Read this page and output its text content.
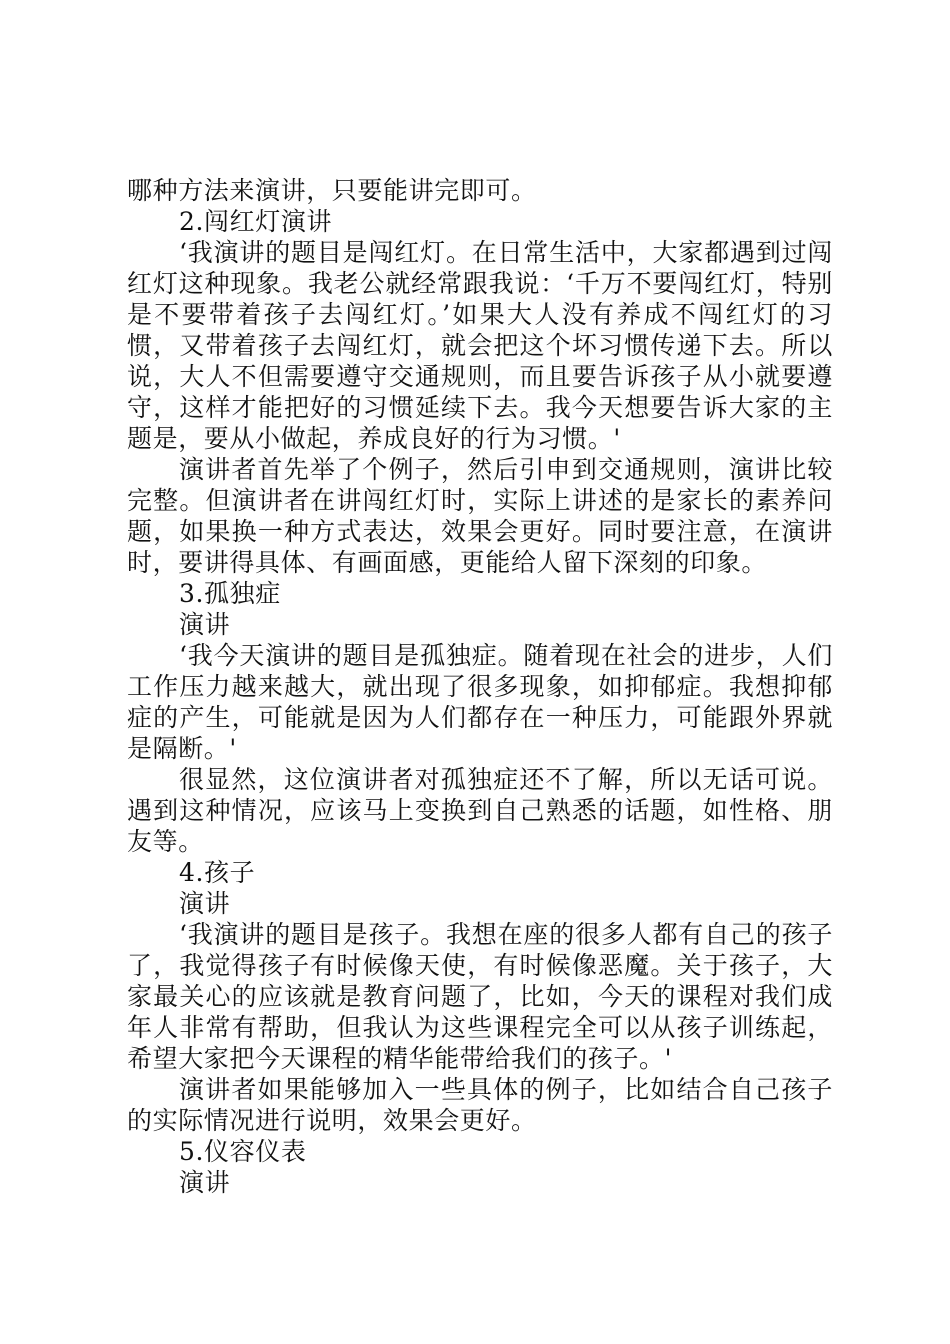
哪种方法来演讲，只要能讲完即可。

2.闯红灯演讲

‘我演讲的题目是闯红灯。在日常生活中，大家都遇到过闯红灯这种现象。我老公就经常跟我说：‘千万不要闯红灯，特别是不要带着孩子去闯红灯。’如果大人没有养成不闯红灯的习惯，又带着孩子去闯红灯，就会把这个坏习惯传递下去。所以说，大人不但需要遵守交通规则，而且要告诉孩子从小就要遵守，这样才能把好的习惯延续下去。我今天想要告诉大家的主题是，要从小做起，养成良好的行为习惯。'

演讲者首先举了个例子，然后引申到交通规则，演讲比较完整。但演讲者在讲闯红灯时，实际上讲述的是家长的素养问题，如果换一种方式表达，效果会更好。同时要注意，在演讲时，要讲得具体、有画面感，更能给人留下深刻的印象。

3.孤独症

演讲

‘我今天演讲的题目是孤独症。随着现在社会的进步，人们工作压力越来越大，就出现了很多现象，如抑郁症。我想抑郁症的产生，可能就是因为人们都存在一种压力，可能跟外界就是隔断。'

很显然，这位演讲者对孤独症还不了解，所以无话可说。遇到这种情况，应该马上变换到自己熟悉的话题，如性格、朋友等。

4.孩子

演讲

‘我演讲的题目是孩子。我想在座的很多人都有自己的孩子了，我觉得孩子有时候像天使，有时候像恶魔。关于孩子，大家最关心的应该就是教育问题了，比如，今天的课程对我们成年人非常有帮助，但我认为这些课程完全可以从孩子训练起，希望大家把今天课程的精华能带给我们的孩子。'

演讲者如果能够加入一些具体的例子，比如结合自己孩子的实际情况进行说明，效果会更好。

5.仪容仪表

演讲
